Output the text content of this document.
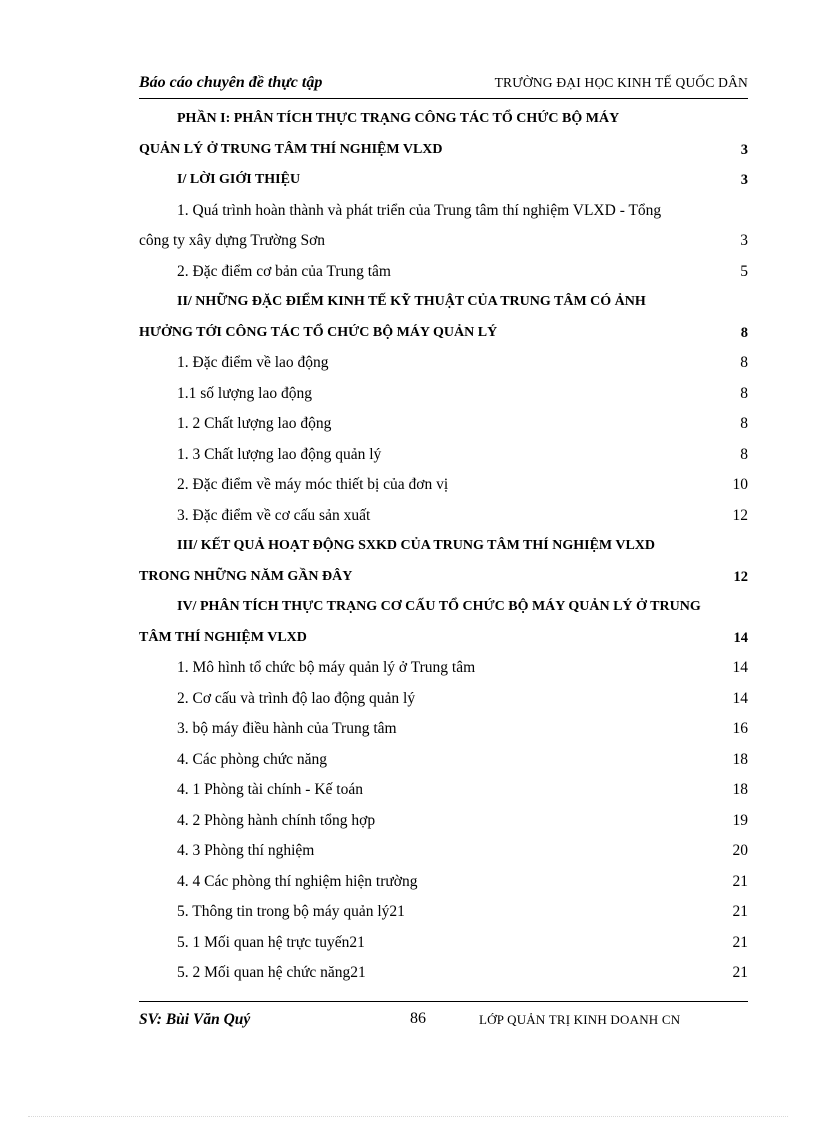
Báo cáo chuyên đề thực tập	TRƯỜNG ĐẠI HỌC KINH TẾ QUỐC DÂN
PHẦN I: PHÂN TÍCH THỰC TRẠNG CÔNG TÁC TỔ CHỨC BỘ MÁY
QUẢN LÝ Ở TRUNG TÂM THÍ NGHIỆM VLXD	3
I/ LỜI GIỚI THIỆU	3
1. Quá trình hoàn thành và phát triển của Trung tâm thí nghiệm VLXD - Tổng
công ty xây dựng Trường Sơn	3
2. Đặc điểm cơ bản của Trung tâm	5
II/ NHỮNG ĐẶC ĐIỂM KINH TẾ KỸ THUẬT CỦA TRUNG TÂM CÓ ẢNH
HƯỞNG TỚI CÔNG TÁC TỔ CHỨC BỘ MÁY QUẢN LÝ	8
1. Đặc điểm về lao động	8
1.1 số lượng lao động	8
1. 2 Chất lượng lao động	8
1. 3 Chất lượng lao động quản lý	8
2. Đặc điểm về máy móc thiết bị của đơn vị	10
3. Đặc điểm về cơ cấu sản xuất	12
III/ KẾT QUẢ HOẠT ĐỘNG SXKD CỦA TRUNG TÂM THÍ NGHIỆM VLXD
TRONG NHỮNG NĂM GẦN ĐÂY	12
IV/ PHÂN TÍCH THỰC TRẠNG CƠ CẤU TỔ CHỨC BỘ MÁY QUẢN LÝ Ở TRUNG
TÂM THÍ NGHIỆM VLXD	14
1. Mô hình tổ chức bộ máy quản lý ở Trung tâm	14
2. Cơ cấu và trình độ lao động quản lý	14
3. bộ máy điều hành của Trung tâm	16
4. Các phòng chức năng	18
4. 1 Phòng tài chính - Kế toán	18
4. 2 Phòng hành chính tổng hợp	19
4. 3 Phòng thí nghiệm	20
4. 4 Các phòng thí nghiệm hiện trường	21
5. Thông tin trong bộ máy quản lý21	21
5. 1 Mối quan hệ trực tuyến21	21
5. 2 Mối quan hệ chức năng21	21
SV: Bùi Văn Quý	86	LỚP QUẢN TRỊ KINH DOANH CN
